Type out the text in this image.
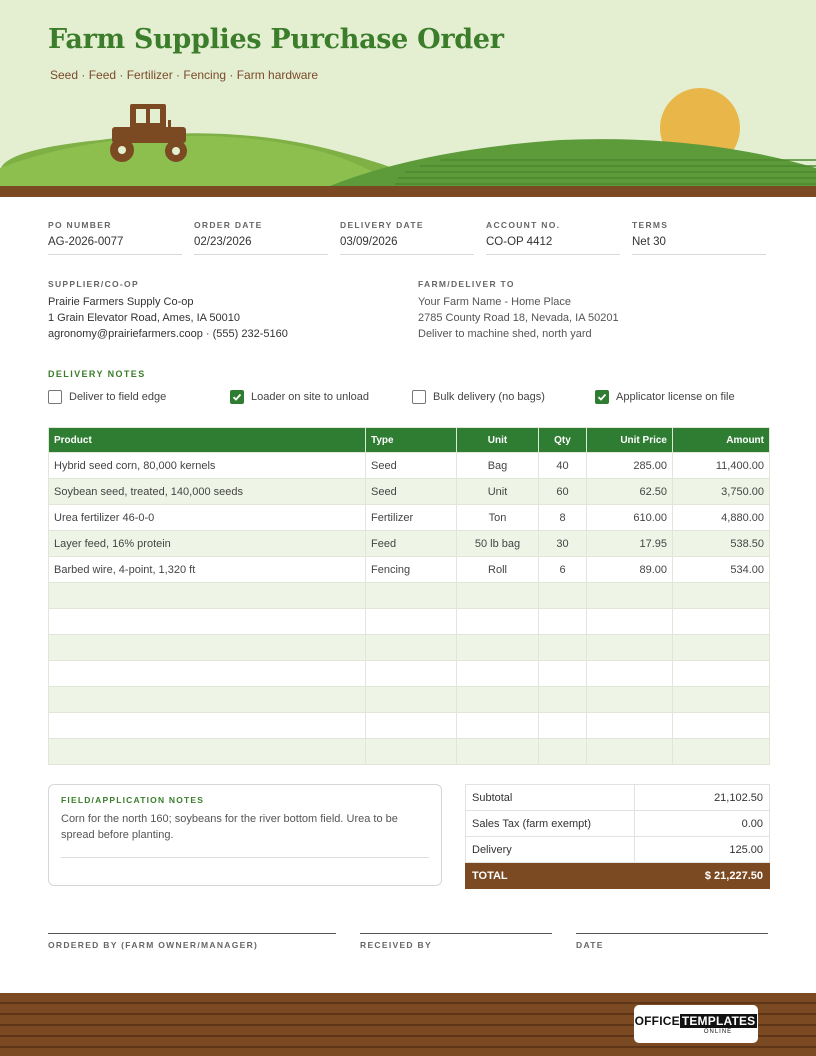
Farm Supplies Purchase Order
Seed · Feed · Fertilizer · Fencing · Farm hardware
PO NUMBER
AG-2026-0077
ORDER DATE
02/23/2026
DELIVERY DATE
03/09/2026
ACCOUNT NO.
CO-OP 4412
TERMS
Net 30
SUPPLIER/CO-OP
Prairie Farmers Supply Co-op
1 Grain Elevator Road, Ames, IA 50010
agronomy@prairiefarmers.coop · (555) 232-5160
FARM/DELIVER TO
Your Farm Name - Home Place
2785 County Road 18, Nevada, IA 50201
Deliver to machine shed, north yard
DELIVERY NOTES
Deliver to field edge	Loader on site to unload	Bulk delivery (no bags)	Applicator license on file
Product	Type	Unit	Qty	Unit Price	Amount
Hybrid seed corn, 80,000 kernels	Seed	Bag	40	285.00	11,400.00
Soybean seed, treated, 140,000 seeds	Seed	Unit	60	62.50	3,750.00
Urea fertilizer 46-0-0	Fertilizer	Ton	8	610.00	4,880.00
Layer feed, 16% protein	Feed	50 lb bag	30	17.95	538.50
Barbed wire, 4-point, 1,320 ft	Fencing	Roll	6	89.00	534.00

FIELD/APPLICATION NOTES
Corn for the north 160; soybeans for the river bottom field. Urea to be spread before planting.
Subtotal	21,102.50
Sales Tax (farm exempt)	0.00
Delivery	125.00
TOTAL	$ 21,227.50
ORDERED BY (FARM OWNER/MANAGER)	RECEIVED BY	DATE
OFFICE TEMPLATES
ONLINE
